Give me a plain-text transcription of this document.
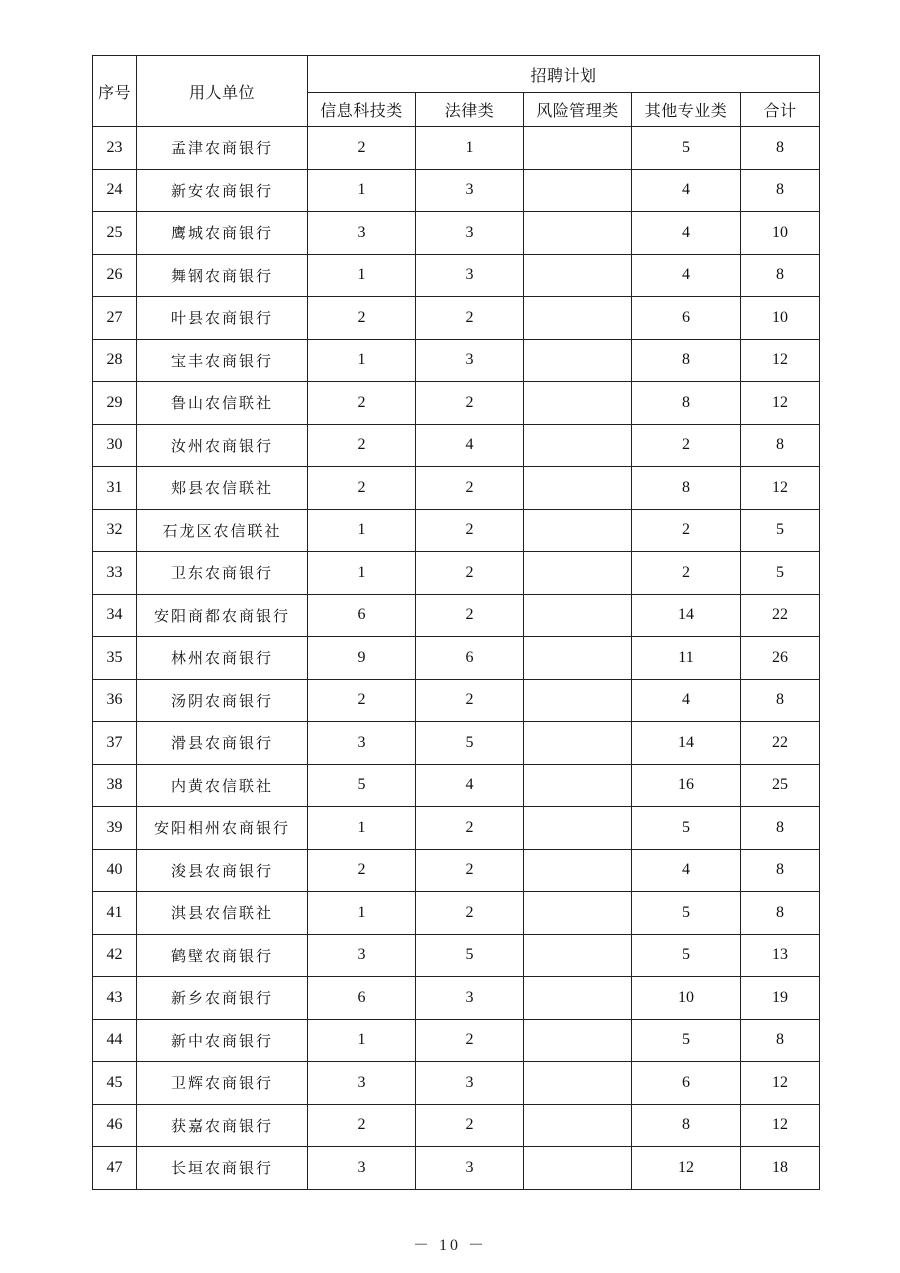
序号	用人单位	招聘计划				
		信息科技类	法律类	风险管理类	其他专业类	合计
23	孟津农商银行	2	1		5	8
24	新安农商银行	1	3		4	8
25	鹰城农商银行	3	3		4	10
26	舞钢农商银行	1	3		4	8
27	叶县农商银行	2	2		6	10
28	宝丰农商银行	1	3		8	12
29	鲁山农信联社	2	2		8	12
30	汝州农商银行	2	4		2	8
31	郏县农信联社	2	2		8	12
32	石龙区农信联社	1	2		2	5
33	卫东农商银行	1	2		2	5
34	安阳商都农商银行	6	2		14	22
35	林州农商银行	9	6		11	26
36	汤阴农商银行	2	2		4	8
37	滑县农商银行	3	5		14	22
38	内黄农信联社	5	4		16	25
39	安阳相州农商银行	1	2		5	8
40	浚县农商银行	2	2		4	8
41	淇县农信联社	1	2		5	8
42	鹤壁农商银行	3	5		5	13
43	新乡农商银行	6	3		10	19
44	新中农商银行	1	2		5	8
45	卫辉农商银行	3	3		6	12
46	获嘉农商银行	2	2		8	12
47	长垣农商银行	3	3		12	18
－ 10 －
